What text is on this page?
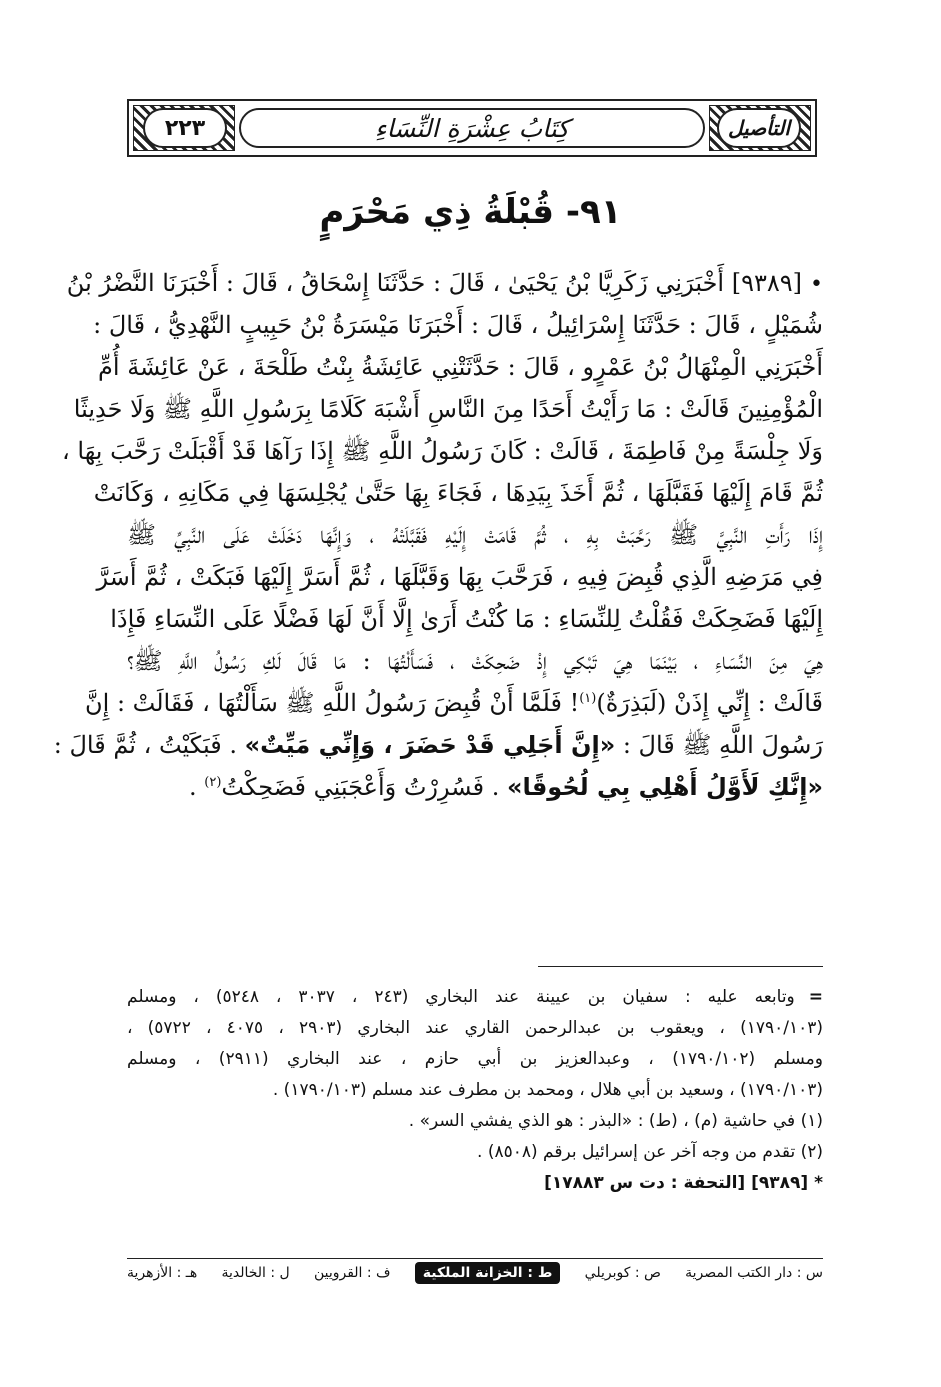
٢٢٣	كِتَابُ عِشْرَةِ النِّسَاءِ	التأصيل
٩١- قُبْلَةُ ذِي مَحْرَمٍ
•[٩٣٨٩] أَخْبَرَنِي زَكَرِيَّا بْنُ يَحْيَىٰ ، قَالَ : حَدَّثَنَا إِسْحَاقُ ، قَالَ : أَخْبَرَنَا النَّضْرُ بْنُ
شُمَيْلٍ ، قَالَ : حَدَّثَنَا إِسْرَائِيلُ ، قَالَ : أَخْبَرَنَا مَيْسَرَةُ بْنُ حَبِيبٍ النَّهْدِيُّ ، قَالَ :
أَخْبَرَنِي الْمِنْهَالُ بْنُ عَمْرٍو ، قَالَ : حَدَّثَتْنِي عَائِشَةُ بِنْتُ طَلْحَةَ ، عَنْ عَائِشَةَ أُمِّ
الْمُؤْمِنِينَ قَالَتْ : مَا رَأَيْتُ أَحَدًا مِنَ النَّاسِ أَشْبَهَ كَلَامًا بِرَسُولِ اللَّهِ ﷺ وَلَا حَدِيثًا
وَلَا جِلْسَةً مِنْ فَاطِمَةَ ، قَالَتْ : كَانَ رَسُولُ اللَّهِ ﷺ إِذَا رَآهَا قَدْ أَقْبَلَتْ رَحَّبَ بِهَا ،
ثُمَّ قَامَ إِلَيْهَا فَقَبَّلَهَا ، ثُمَّ أَخَذَ بِيَدِهَا ، فَجَاءَ بِهَا حَتَّىٰ يُجْلِسَهَا فِي مَكَانِهِ ، وَكَانَتْ
إِذَا رَأَتِ النَّبِيَّ ﷺ رَحَّبَتْ بِهِ ، ثُمَّ قَامَتْ إِلَيْهِ فَقَبَّلَتْهُ ، وَإِنَّهَا دَخَلَتْ عَلَى النَّبِيِّ ﷺ
فِي مَرَضِهِ الَّذِي قُبِضَ فِيهِ ، فَرَحَّبَ بِهَا وَقَبَّلَهَا ، ثُمَّ أَسَرَّ إِلَيْهَا فَبَكَتْ ، ثُمَّ أَسَرَّ
إِلَيْهَا فَضَحِكَتْ فَقُلْتُ لِلنِّسَاءِ : مَا كُنْتُ أَرَىٰ إِلَّا أَنَّ لَهَا فَضْلًا عَلَى النِّسَاءِ فَإِذَا
هِيَ مِنَ النِّسَاءِ ، بَيْنَمَا هِيَ تَبْكِي إِذْ ضَحِكَتْ ، فَسَأَلْتُهَا : مَا قَالَ لَكِ رَسُولُ اللَّهِ ﷺ؟
قَالَتْ : إِنِّي إِذَنْ (لَبَذِرَةٌ)$^{(١)}$! فَلَمَّا أَنْ قُبِضَ رَسُولُ اللَّهِ ﷺ سَأَلْتُهَا ، فَقَالَتْ : إِنَّ
رَسُولَ اللَّهِ ﷺ قَالَ : «إِنَّ أَجَلِي قَدْ حَضَرَ ، وَإِنِّي مَيِّتٌ» . فَبَكَيْتُ ، ثُمَّ قَالَ :
«إِنَّكِ لَأَوَّلُ أَهْلِي بِي لُحُوقًا» . فَسُرِرْتُ وَأَعْجَبَنِي فَضَحِكْتُ$^{(٢)}$ .
=وتابعه عليه : سفيان بن عيينة عند البخاري (٢٤٣ ، ٣٠٣٧ ، ٥٢٤٨) ، ومسلم
(١٧٩٠/١٠٣) ، ويعقوب بن عبدالرحمن القاري عند البخاري (٢٩٠٣ ، ٤٠٧٥ ، ٥٧٢٢) ،
ومسلم (١٧٩٠/١٠٢) ، وعبدالعزيز بن أبي حازم ، عند البخاري (٢٩١١) ، ومسلم
(١٧٩٠/١٠٣) ، وسعيد بن أبي هلال ، ومحمد بن مطرف عند مسلم (١٧٩٠/١٠٣) .
(١) في حاشية (م) ، (ط) : «البذر : هو الذي يفشي السر» .
(٢) تقدم من وجه آخر عن إسرائيل برقم (٨٥٠٨) .
* [٩٣٨٩] [التحفة : دت س ١٧٨٨٣]
س : دار الكتب المصرية
ص : كوبريلي
ط : الخزانة الملكية
ف : القرويين
ل : الخالدية
هـ : الأزهرية
